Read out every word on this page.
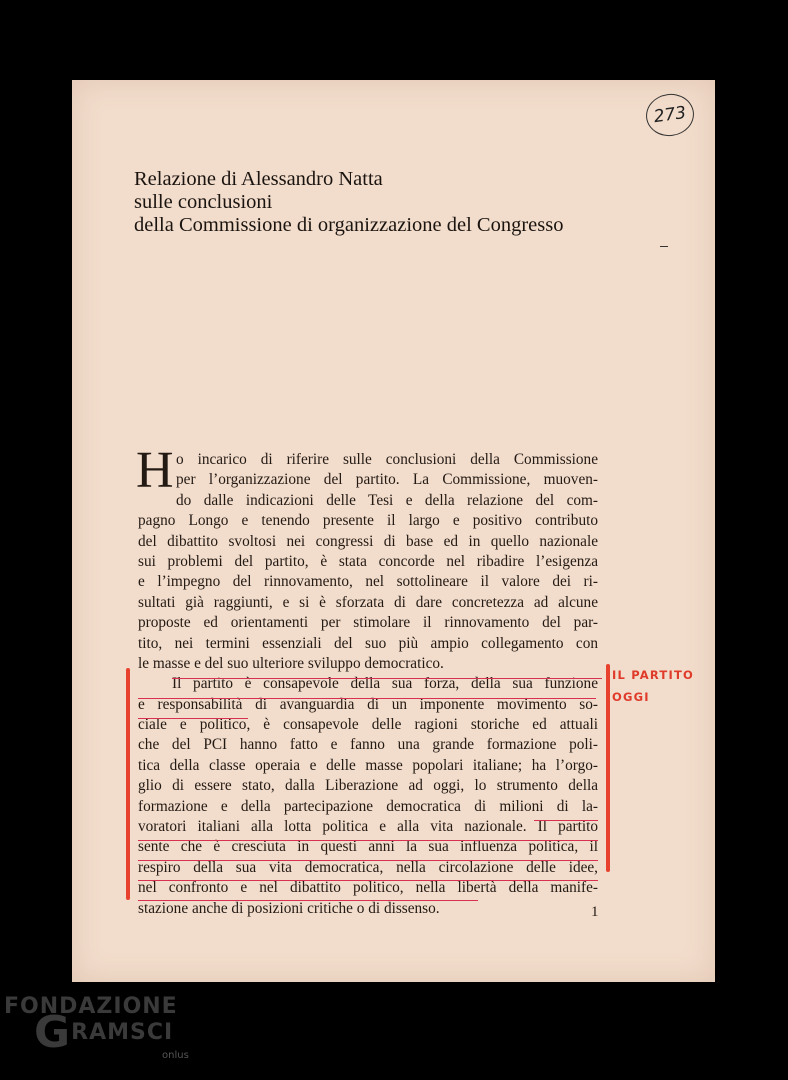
273
Relazione di Alessandro Natta
sulle conclusioni
della Commissione di organizzazione del Congresso
H o incarico di riferire sulle conclusioni della Commissione
per l’organizzazione del partito. La Commissione, muoven-
do dalle indicazioni delle Tesi e della relazione del com-
pagno Longo e tenendo presente il largo e positivo contributo
del dibattito svoltosi nei congressi di base ed in quello nazionale
sui problemi del partito, è stata concorde nel ribadire l’esigenza
e l’impegno del rinnovamento, nel sottolineare il valore dei ri-
sultati già raggiunti, e si è sforzata di dare concretezza ad alcune
proposte ed orientamenti per stimolare il rinnovamento del par-
tito, nei termini essenziali del suo più ampio collegamento con
le masse e del suo ulteriore sviluppo democratico.
Il partito è consapevole della sua forza, della sua funzione
e responsabilità di avanguardia di un imponente movimento so-
ciale e politico, è consapevole delle ragioni storiche ed attuali
che del PCI hanno fatto e fanno una grande formazione poli-
tica della classe operaia e delle masse popolari italiane; ha l’orgo-
glio di essere stato, dalla Liberazione ad oggi, lo strumento della
formazione e della partecipazione democratica di milioni di la-
voratori italiani alla lotta politica e alla vita nazionale. Il partito
sente che è cresciuta in questi anni la sua influenza politica, il
respiro della sua vita democratica, nella circolazione delle idee,
nel confronto e nel dibattito politico, nella libertà della manife-
stazione anche di posizioni critiche o di dissenso.
IL PARTITO
OGGI
1
FONDAZIONE
GRAMSCI
onlus
